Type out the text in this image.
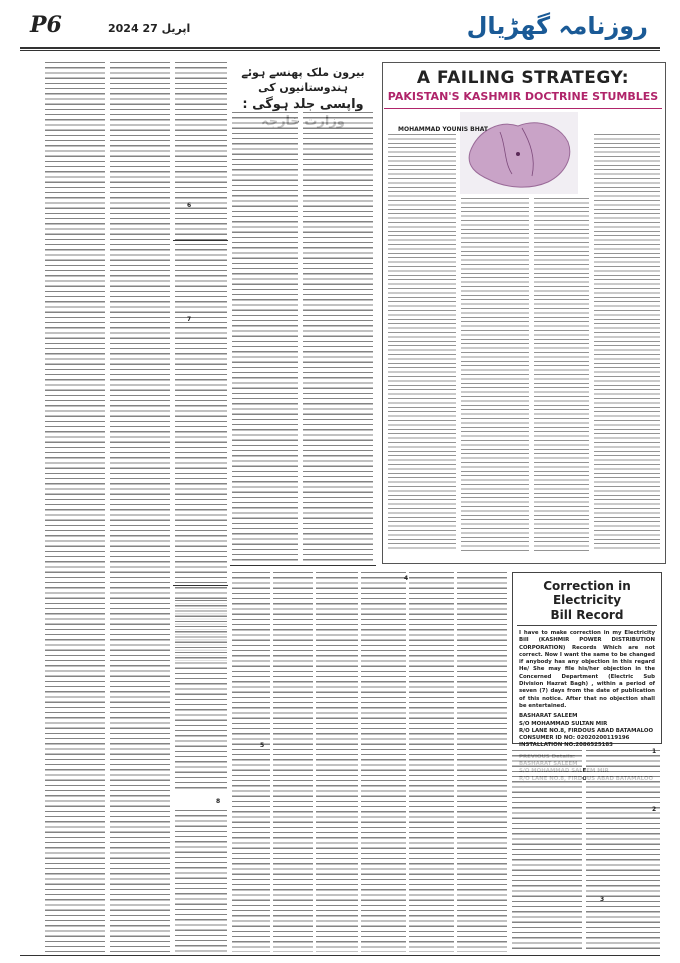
P6	2024 اپریل 27	روزنامہ گھڑیال
6
7
8
بیرون ملک پھنسے ہوئے ہندوستانیوں کی
واپسی جلد ہوگی :
5
4
A FAILING STRATEGY:
PAKISTAN'S KASHMIR DOCTRINE STUMBLES
MOHAMMAD YOUNIS BHAT
Correction in Electricity
Bill Record
I have to make correction in my Electricity Bill (KASHMIR POWER DISTRIBUTION CORPORATION) Records Which are not correct. Now I want the same to be changed if anybody has any objection in this regard He/ She may file his/her objection in the Concerned Department (Electric Sub Division Hazrat Bagh) , within a period of seven (7) days from the date of publication of this notice. After that no objection shall be entertained.
BASHARAT SALEEM
S/O MOHAMMAD SULTAN MIR
R/O LANE NO.8, FIRDOUS ABAD BATAMALOO
CONSUMER ID NO: 02020200119196
INSTALLATION NO:2086525183
SALEEM
1
2
3
